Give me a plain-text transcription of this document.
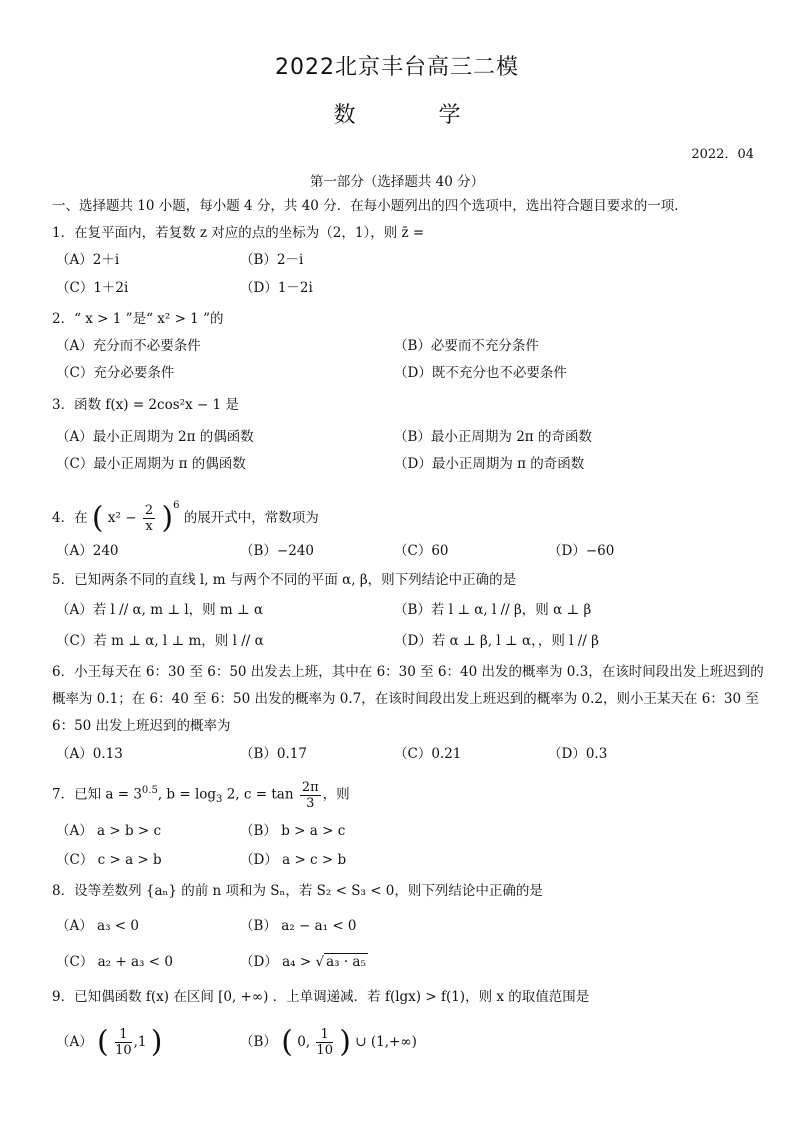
2022北京丰台高三二模
数 学
2022．04
第一部分（选择题共 40 分）
一、选择题共 10 小题，每小题 4 分，共 40 分．在每小题列出的四个选项中，选出符合题目要求的一项．
1．在复平面内，若复数 z 对应的点的坐标为（2，1），则 z̄ =
（A）2＋i	（B）2－i
（C）1＋2i	（D）1－2i
2．“ x > 1 ”是“ x² > 1 ”的
（A）充分而不必要条件	（B）必要而不充分条件
（C）充分必要条件	（D）既不充分也不必要条件
3．函数 f(x) = 2cos²x − 1 是
（A）最小正周期为 2π 的偶函数	（B）最小正周期为 2π 的奇函数
（C）最小正周期为 π 的偶函数	（D）最小正周期为 π 的奇函数
4．在 ( $x^2 - \frac{2}{x} )^6$ 的展开式中，常数项为
（A）240	（B）−240	（C）60	（D）−60
5．已知两条不同的直线 l, m 与两个不同的平面 α, β，则下列结论中正确的是
（A）若 l // α, m ⊥ l，则 m ⊥ α	（B）若 l ⊥ α, l // β，则 α ⊥ β
（C）若 m ⊥ α, l ⊥ m，则 l // α	（D）若 α ⊥ β, l ⊥ α，，则 l // β
6．小王每天在 6：30 至 6：50 出发去上班，其中在 6：30 至 6：40 出发的概率为 0.3，在该时间段出发上班迟到的
概率为 0.1；在 6：40 至 6：50 出发的概率为 0.7，在该时间段出发上班迟到的概率为 0.2，则小王某天在 6：30 至
6：50 出发上班迟到的概率为
（A）0.13	（B）0.17	（C）0.21	（D）0.3
7．已知 $a = 3^{0.5}$, $b = \log_3 2$, $c = \tan \frac{2\pi}{3}$ ，则
（A） a > b > c	（B） b > a > c
（C） c > a > b	（D） a > c > b
8．设等差数列 {aₙ} 的前 n 项和为 Sₙ，若 S₂ < S₃ < 0，则下列结论中正确的是
（A） a₃ < 0	（B） a₂ − a₁ < 0
（C） a₂ + a₃ < 0	（D） a₄ > √ a₃ · a₅
9．已知偶函数 f(x) 在区间 [0, +∞) ．上单调递减．若 f(lgx) > f(1)，则 x 的取值范围是
（A） ( $\frac{1}{10} ,1$ )	（B） ( 0, $\frac{1}{10}$ ) ∪ (1,+∞)
